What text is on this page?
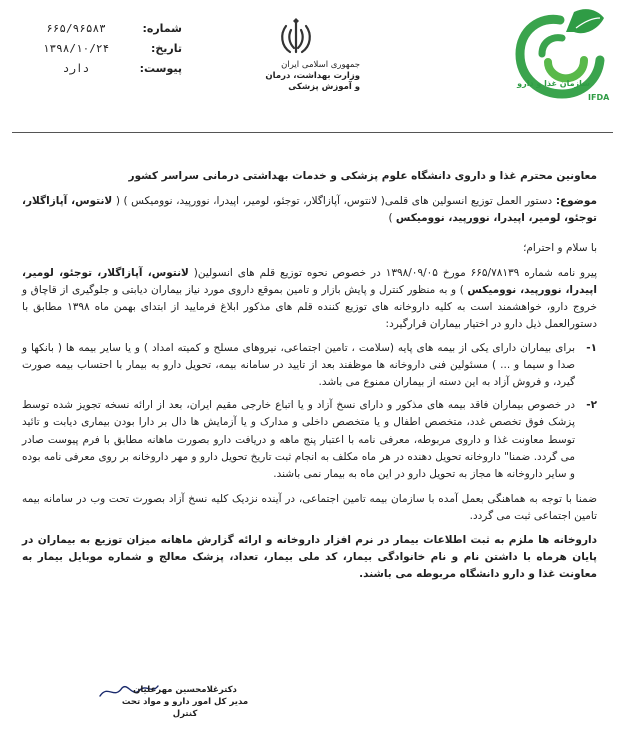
شماره:
۶۶۵/۹۶۵۸۳
تاریخ:
۱۳۹۸/۱۰/۲۴
پیوست:
دارد	جمهوری اسلامی ایران
وزارت بهداشت، درمان
و آموزش پزشکی	سازمان غذا و دارو
IFDA

معاونین محترم غذا و داروی دانشگاه علوم پزشکی و خدمات بهداشتی درمانی سراسر کشور

موضوع: دستور العمل توزیع انسولین های قلمی( لانتوس، آپازاگلار، توجئو، لومیر، اپیدرا، نوورپید، نوومیکس ) ( لانتوس، آپازاگلار، توجئو، لومیر، اپیدرا، نوورپید، نوومیکس )

با سلام و احترام؛

پیرو نامه شماره ۶۶۵/۷۸۱۳۹ مورخ ۱۳۹۸/۰۹/۰۵ در خصوص نحوه توزیع قلم های انسولین( لانتوس، آپازاگلار، توجئو، لومیر، اپیدرا، نوورپید، نوومیکس ) و به منظور کنترل و پایش بازار و تامین بموقع داروی مورد نیاز بیماران دیابتی و جلوگیری از قاچاق و خروج دارو، خواهشمند است به کلیه داروخانه های توزیع کننده قلم های مذکور ابلاغ فرمایید از ابتدای بهمن ماه ۱۳۹۸ مطابق با دستورالعمل ذیل دارو در اختیار بیماران قرارگیرد:

۱-
برای بیماران دارای یکی از بیمه های پایه (سلامت ، تامین اجتماعی، نیروهای مسلح و کمیته امداد ) و یا سایر بیمه ها ( بانکها و صدا و سیما و ... ) مسئولین فنی داروخانه ها موظفند بعد از تایید در سامانه بیمه، تحویل دارو به بیمار با احتساب بیمه صورت گیرد، و فروش آزاد به این دسته از بیماران ممنوع می باشد.
۲-
در خصوص بیماران فاقد بیمه های مذکور و دارای نسخ آزاد و یا اتباع خارجی مقیم ایران، بعد از ارائه نسخه تجویز شده توسط پزشک فوق تخصص غدد، متخصص اطفال و یا متخصص داخلی و مدارک و یا آزمایش ها دال بر دارا بودن بیماری دیابت و تائید توسط معاونت غذا و داروی مربوطه، معرفی نامه با اعتبار پنج ماهه و دریافت دارو بصورت ماهانه مطابق با فرم پیوست صادر می گردد. ضمنا" داروخانه تحویل دهنده در هر ماه مکلف به انجام ثبت تاریخ تحویل دارو و مهر داروخانه بر روی معرفی نامه بوده و سایر داروخانه ها مجاز به تحویل دارو در این ماه به بیمار نمی باشند.

ضمنا با توجه به هماهنگی بعمل آمده با سازمان بیمه تامین اجتماعی، در آینده نزدیک کلیه نسخ آزاد بصورت تحت وب در سامانه بیمه تامین اجتماعی ثبت می گردد.

داروخانه ها ملزم به ثبت اطلاعات بیمار در نرم افزار داروخانه و ارائه گزارش ماهانه میزان توزیع به بیماران در پایان هرماه با داشتن نام و نام خانوادگی بیمار، کد ملی بیمار، تعداد، پزشک معالج و شماره موبایل بیمار به معاونت غذا و دارو دانشگاه مربوطه می باشند.

دکترغلامحسین مهرعلیان
مدیر کل امور دارو و مواد تحت کنترل
